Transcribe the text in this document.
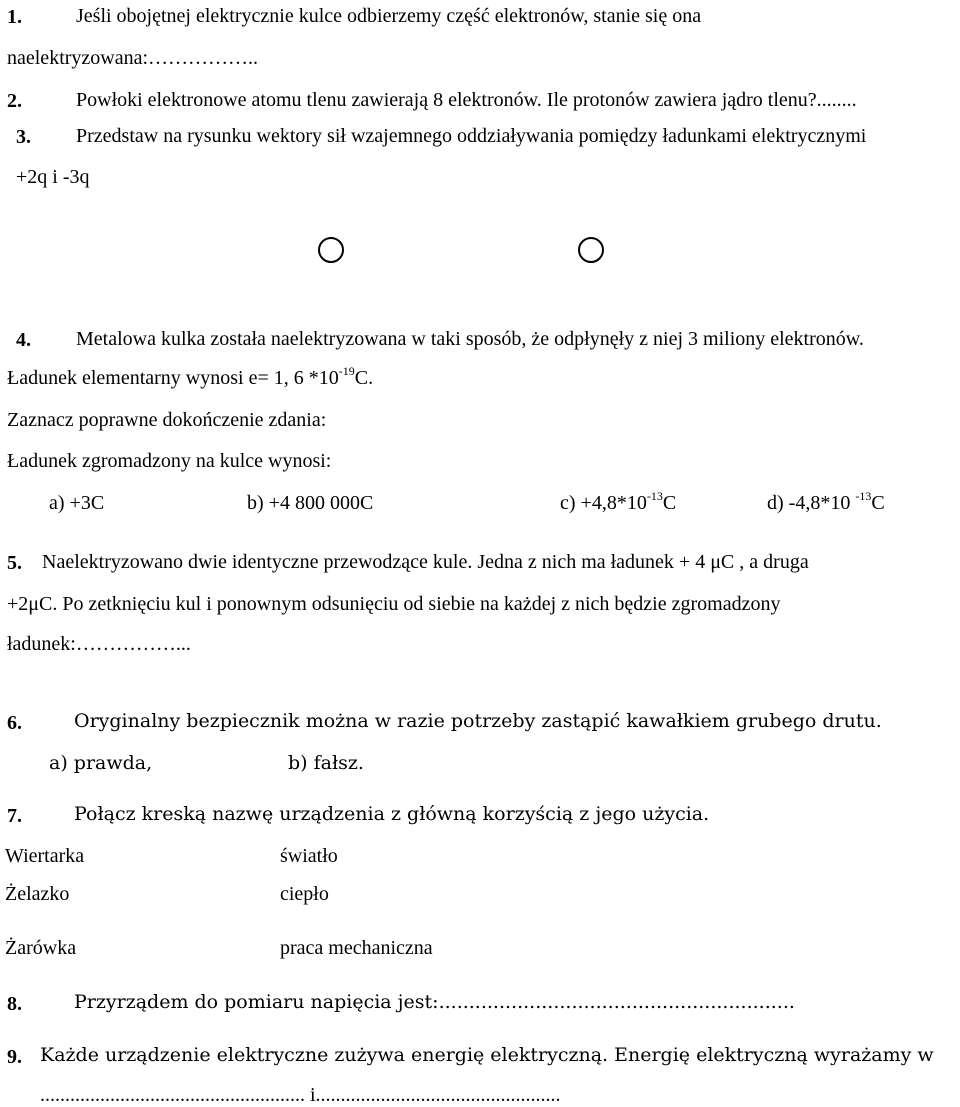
1.	Jeśli obojętnej elektrycznie kulce odbierzemy część elektronów, stanie się ona
naelektryzowana:……………..
2.	Powłoki elektronowe atomu tlenu zawierają 8 elektronów. Ile protonów zawiera jądro tlenu?........
3. Przedstaw na rysunku wektory sił wzajemnego oddziaływania pomiędzy ładunkami elektrycznymi
+2q i -3q
4. Metalowa kulka została naelektryzowana w taki sposób, że odpłynęły z niej 3 miliony elektronów.
Ładunek elementarny wynosi e= 1, 6 $*10^{-19}C$.
Zaznacz poprawne dokończenie zdania:
Ładunek zgromadzony na kulce wynosi:
a) +3C	b) +4 800 000C	$c) +4,8*10^{-13}C$	d) -4,8*10 $^{-13}$C
5. Naelektryzowano dwie identyczne przewodzące kule. Jedna z nich ma ładunek + 4 μC , a druga
+2μC. Po zetknięciu kul i ponownym odsunięciu od siebie na każdej z nich będzie zgromadzony
ładunek:……………...
6.	Oryginalny bezpiecznik można w razie potrzeby zastąpić kawałkiem grubego drutu.
a) prawda,	b) fałsz.
7.	Połącz kreską nazwę urządzenia z główną korzyścią z jego użycia.
Wiertarka	światło
Żelazko	ciepło
Żarówka	praca mechaniczna
8.	Przyrządem do pomiaru napięcia jest:...........................................................
9. Każde urządzenie elektryczne zużywa energię elektryczną. Energię elektryczną wyrażamy w
..................................................... i.................................................
